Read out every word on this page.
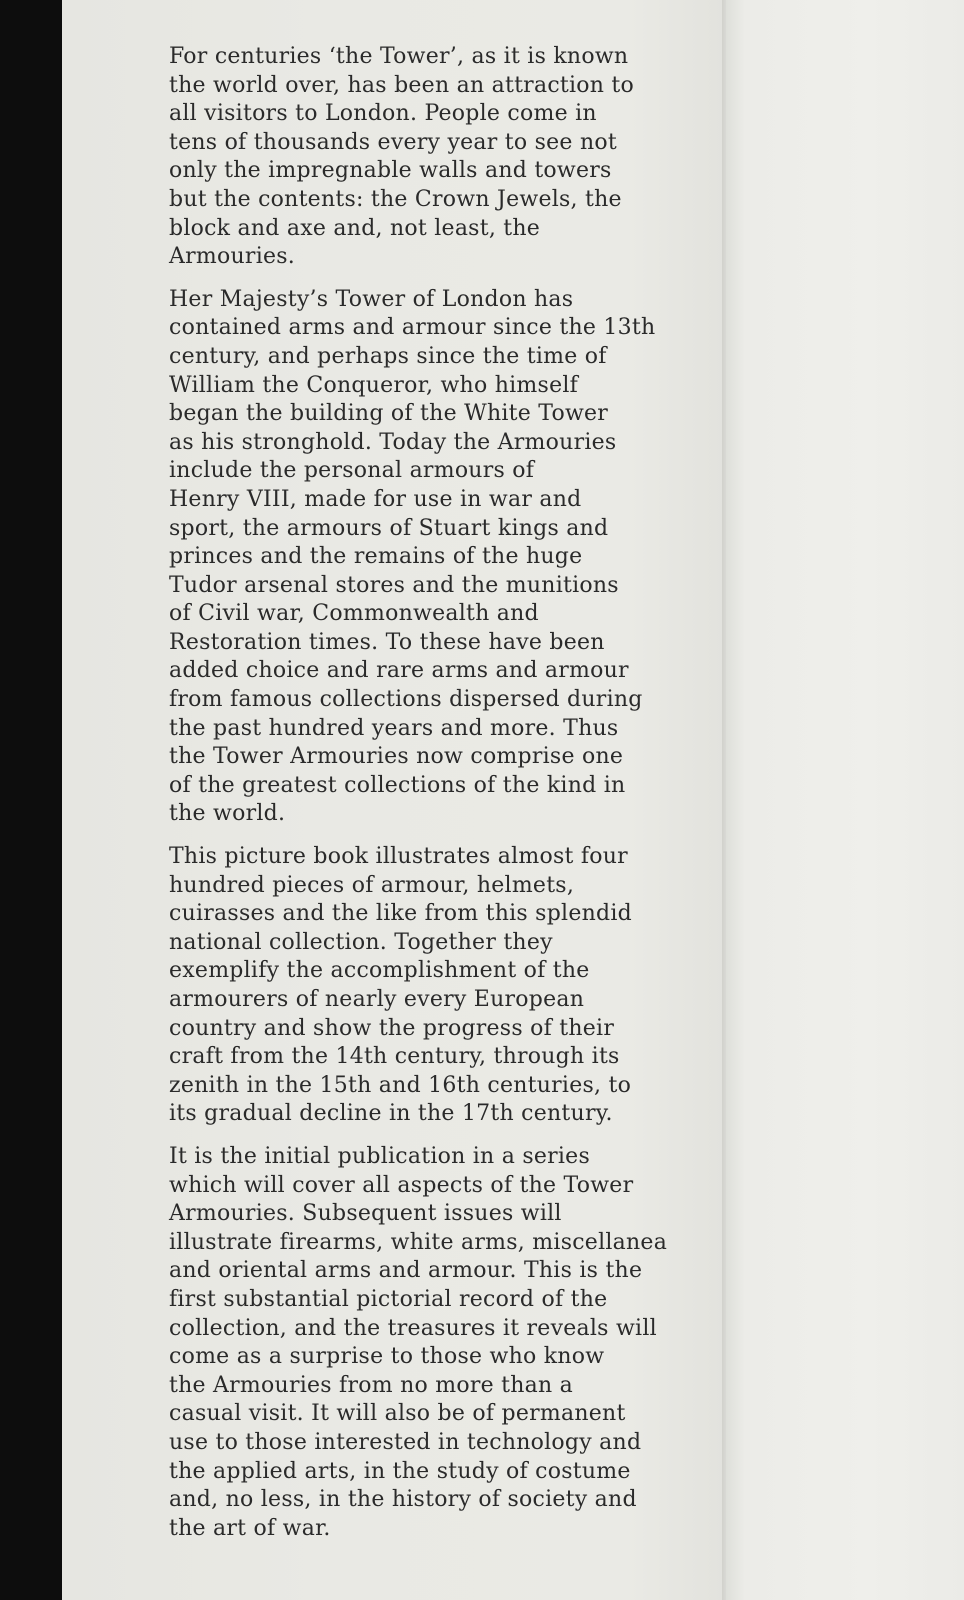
For centuries ‘the Tower’, as it is known
the world over, has been an attraction to
all visitors to London. People come in
tens of thousands every year to see not
only the impregnable walls and towers
but the contents: the Crown Jewels, the
block and axe and, not least, the
Armouries.

Her Majesty’s Tower of London has
contained arms and armour since the 13th
century, and perhaps since the time of
William the Conqueror, who himself
began the building of the White Tower
as his stronghold. Today the Armouries
include the personal armours of
Henry VIII, made for use in war and
sport, the armours of Stuart kings and
princes and the remains of the huge
Tudor arsenal stores and the munitions
of Civil war, Commonwealth and
Restoration times. To these have been
added choice and rare arms and armour
from famous collections dispersed during
the past hundred years and more. Thus
the Tower Armouries now comprise one
of the greatest collections of the kind in
the world.

This picture book illustrates almost four
hundred pieces of armour, helmets,
cuirasses and the like from this splendid
national collection. Together they
exemplify the accomplishment of the
armourers of nearly every European
country and show the progress of their
craft from the 14th century, through its
zenith in the 15th and 16th centuries, to
its gradual decline in the 17th century.

It is the initial publication in a series
which will cover all aspects of the Tower
Armouries. Subsequent issues will
illustrate firearms, white arms, miscellanea
and oriental arms and armour. This is the
first substantial pictorial record of the
collection, and the treasures it reveals will
come as a surprise to those who know
the Armouries from no more than a
casual visit. It will also be of permanent
use to those interested in technology and
the applied arts, in the study of costume
and, no less, in the history of society and
the art of war.
